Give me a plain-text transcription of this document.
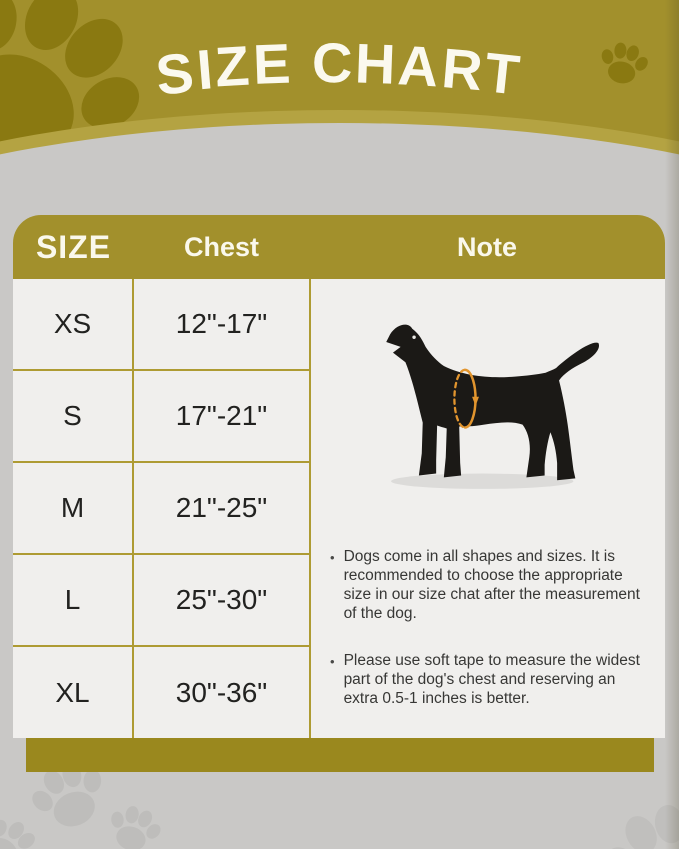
SIZE CHART
SIZE	Chest	Note
XS	12"-17"
S	17"-21"
M	21"-25"
L	25"-30"
XL	30"-36"
• Dogs come in all shapes and sizes. It is recommended to choose the appropriate size in our size chat after the measurement of the dog.
• Please use soft tape to measure the widest part of the dog's chest and reserving an extra 0.5-1 inches is better.
